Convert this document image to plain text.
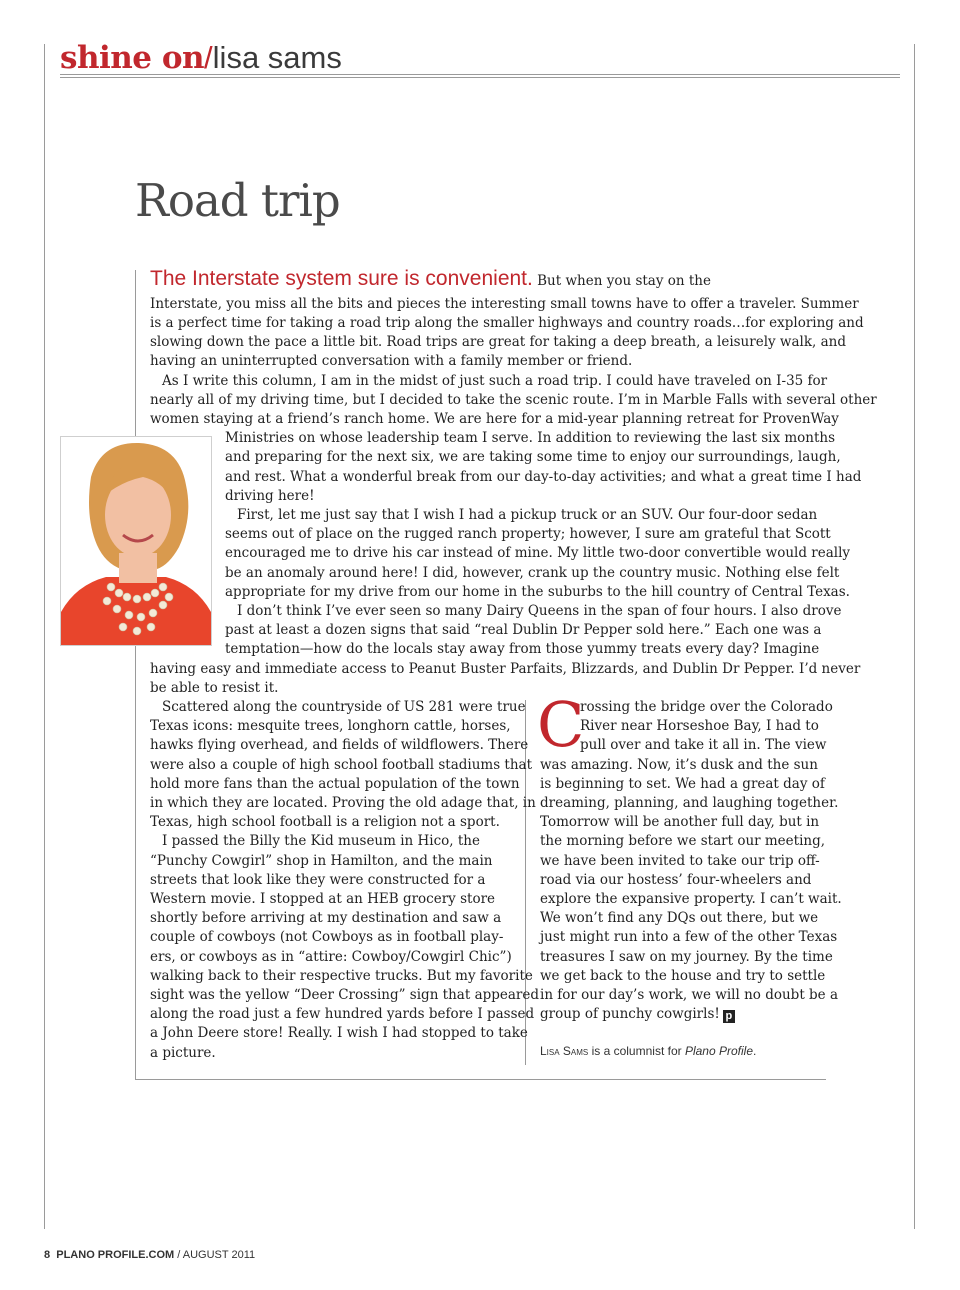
shine on/lisa sams
Road trip
The Interstate system sure is convenient. But when you stay on the
Interstate, you miss all the bits and pieces the interesting small towns have to offer a traveler. Summer
is a perfect time for taking a road trip along the smaller highways and country roads…for exploring and
slowing down the pace a little bit. Road trips are great for taking a deep breath, a leisurely walk, and
having an uninterrupted conversation with a family member or friend.
As I write this column, I am in the midst of just such a road trip. I could have traveled on I-35 for
nearly all of my driving time, but I decided to take the scenic route. I’m in Marble Falls with several other
women staying at a friend’s ranch home. We are here for a mid-year planning retreat for ProvenWay
Ministries on whose leadership team I serve. In addition to reviewing the last six months
and preparing for the next six, we are taking some time to enjoy our surroundings, laugh,
and rest. What a wonderful break from our day-to-day activities; and what a great time I had
driving here!
First, let me just say that I wish I had a pickup truck or an SUV. Our four-door sedan
seems out of place on the rugged ranch property; however, I sure am grateful that Scott
encouraged me to drive his car instead of mine. My little two-door convertible would really
be an anomaly around here! I did, however, crank up the country music. Nothing else felt
appropriate for my drive from our home in the suburbs to the hill country of Central Texas.
I don’t think I’ve ever seen so many Dairy Queens in the span of four hours. I also drove
past at least a dozen signs that said “real Dublin Dr Pepper sold here.” Each one was a
temptation—how do the locals stay away from those yummy treats every day? Imagine
having easy and immediate access to Peanut Buster Parfaits, Blizzards, and Dublin Dr Pepper. I’d never
be able to resist it.
Scattered along the countryside of US 281 were true
Texas icons: mesquite trees, longhorn cattle, horses,
hawks flying overhead, and fields of wildflowers. There
were also a couple of high school football stadiums that
hold more fans than the actual population of the town
in which they are located. Proving the old adage that, in
Texas, high school football is a religion not a sport.
I passed the Billy the Kid museum in Hico, the
“Punchy Cowgirl” shop in Hamilton, and the main
streets that look like they were constructed for a
Western movie. I stopped at an HEB grocery store
shortly before arriving at my destination and saw a
couple of cowboys (not Cowboys as in football play-
ers, or cowboys as in “attire: Cowboy/Cowgirl Chic”)
walking back to their respective trucks. But my favorite
sight was the yellow “Deer Crossing” sign that appeared
along the road just a few hundred yards before I passed
a John Deere store! Really. I wish I had stopped to take
a picture.
C
rossing the bridge over the Colorado
River near Horseshoe Bay, I had to
pull over and take it all in. The view
was amazing. Now, it’s dusk and the sun
is beginning to set. We had a great day of
dreaming, planning, and laughing together.
Tomorrow will be another full day, but in
the morning before we start our meeting,
we have been invited to take our trip off-
road via our hostess’ four-wheelers and
explore the expansive property. I can’t wait.
We won’t find any DQs out there, but we
just might run into a few of the other Texas
treasures I saw on my journey. By the time
we get back to the house and try to settle
in for our day’s work, we will no doubt be a
group of punchy cowgirls! p
Lisa Sams is a columnist for Plano Profile.
8 PLANO PROFILE.COM / AUGUST 2011
